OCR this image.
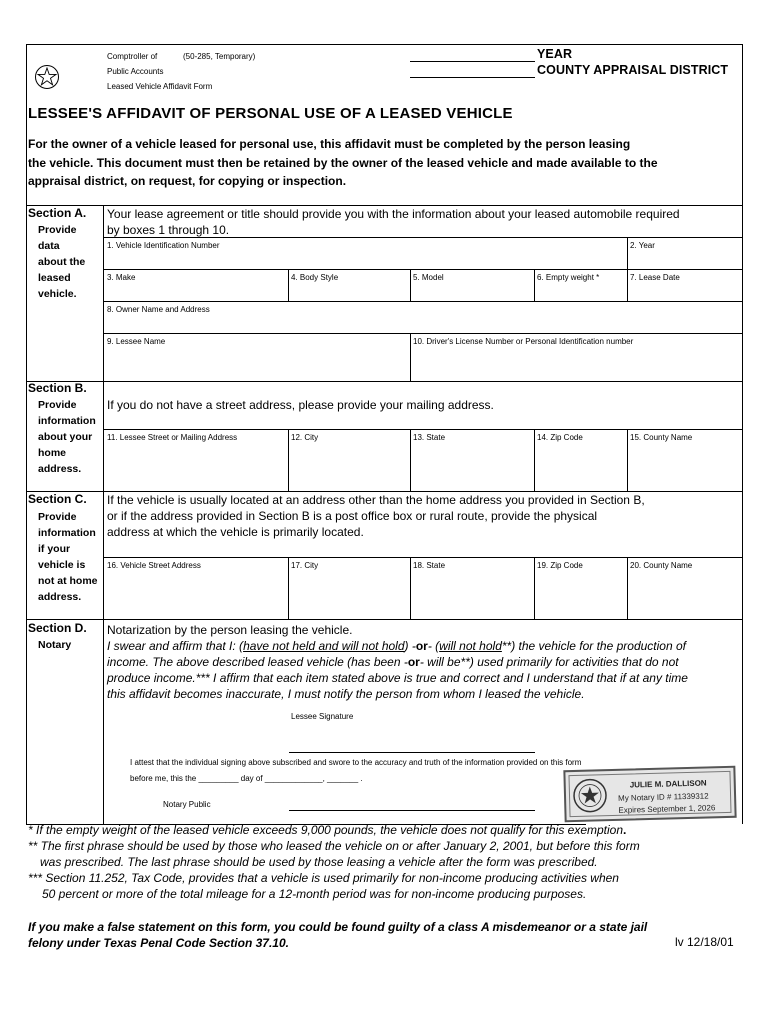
Comptroller of	(50-285, Temporary)
Public Accounts
Leased Vehicle Affidavit Form
YEAR
COUNTY APPRAISAL DISTRICT
LESSEE'S AFFIDAVIT OF PERSONAL USE OF A LEASED VEHICLE
For the owner of a vehicle leased for personal use, this affidavit must be completed by the person leasing
the vehicle. This document must then be retained by the owner of the leased vehicle and made available to the
appraisal district, on request, for copying or inspection.
Section A.
Provide
data
about the
leased
vehicle.
Your lease agreement or title should provide you with the information about your leased automobile required
by boxes 1 through 10.
1. Vehicle Identification Number	2. Year
3. Make	4. Body Style	5. Model	6. Empty weight *	7. Lease Date
8. Owner Name and Address
9. Lessee Name	10. Driver's License Number or Personal Identification number
Section B.
Provide
information
about your
home
address.
If you do not have a street address, please provide your mailing address.
11. Lessee Street or Mailing Address	12. City	13. State	14. Zip Code	15. County Name
Section C.
Provide
information
if your
vehicle is
not at home
address.
If the vehicle is usually located at an address other than the home address you provided in Section B,
or if the address provided in Section B is a post office box or rural route, provide the physical
address at which the vehicle is primarily located.
16. Vehicle Street Address	17. City	18. State	19. Zip Code	20. County Name
Section D.
Notary
Notarization by the person leasing the vehicle.
I swear and affirm that I: (have not held and will not hold) -or- (will not hold**) the vehicle for the production of
income. The above described leased vehicle (has been -or- will be**) used primarily for activities that do not
produce income.*** I affirm that each item stated above is true and correct and I understand that if at any time
this affidavit becomes inaccurate, I must notify the person from whom I leased the vehicle.
Lessee Signature
I attest that the individual signing above subscribed and swore to the accuracy and truth of the information provided on this form
before me, this the _________ day of _____________, _______ .
Notary Public
JULIE M. DALLISON
My Notary ID # 11339312
Expires September 1, 2026
* If the empty weight of the leased vehicle exceeds 9,000 pounds, the vehicle does not qualify for this exemption.
** The first phrase should be used by those who leased the vehicle on or after January 2, 2001, but before this form
was prescribed. The last phrase should be used by those leasing a vehicle after the form was prescribed.
*** Section 11.252, Tax Code, provides that a vehicle is used primarily for non-income producing activities when
50 percent or more of the total mileage for a 12-month period was for non-income producing purposes.
If you make a false statement on this form, you could be found guilty of a class A misdemeanor or a state jail
felony under Texas Penal Code Section 37.10.	lv 12/18/01
